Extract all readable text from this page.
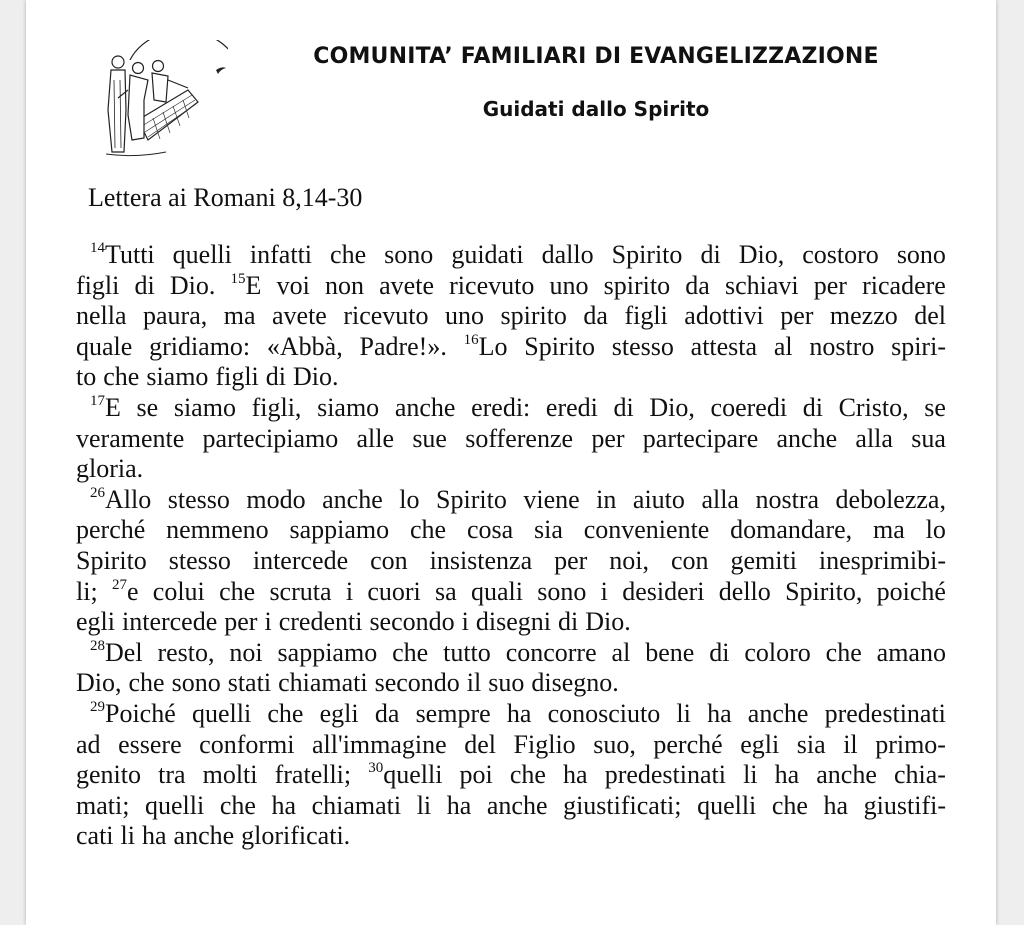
COMUNITA’ FAMILIARI DI EVANGELIZZAZIONE
Guidati dallo Spirito
Lettera ai Romani 8,14-30
$^{14}$Tutti quelli infatti che sono guidati dallo Spirito di Dio, costoro sono
figli di Dio. $^{15}$E voi non avete ricevuto uno spirito da schiavi per ricadere
nella paura, ma avete ricevuto uno spirito da figli adottivi per mezzo del
quale gridiamo: «Abbà, Padre!». $^{16}$Lo Spirito stesso attesta al nostro spiri-
to che siamo figli di Dio.
$^{17}$E se siamo figli, siamo anche eredi: eredi di Dio, coeredi di Cristo, se
veramente partecipiamo alle sue sofferenze per partecipare anche alla sua
gloria.
$^{26}$Allo stesso modo anche lo Spirito viene in aiuto alla nostra debolezza,
perché nemmeno sappiamo che cosa sia conveniente domandare, ma lo
Spirito stesso intercede con insistenza per noi, con gemiti inesprimibi-
li; $^{27}$e colui che scruta i cuori sa quali sono i desideri dello Spirito, poiché
egli intercede per i credenti secondo i disegni di Dio.
$^{28}$Del resto, noi sappiamo che tutto concorre al bene di coloro che amano
Dio, che sono stati chiamati secondo il suo disegno.
$^{29}$Poiché quelli che egli da sempre ha conosciuto li ha anche predestinati
ad essere conformi all'immagine del Figlio suo, perché egli sia il primo-
genito tra molti fratelli; $^{30}$quelli poi che ha predestinati li ha anche chia-
mati; quelli che ha chiamati li ha anche giustificati; quelli che ha giustifi-
cati li ha anche glorificati.
